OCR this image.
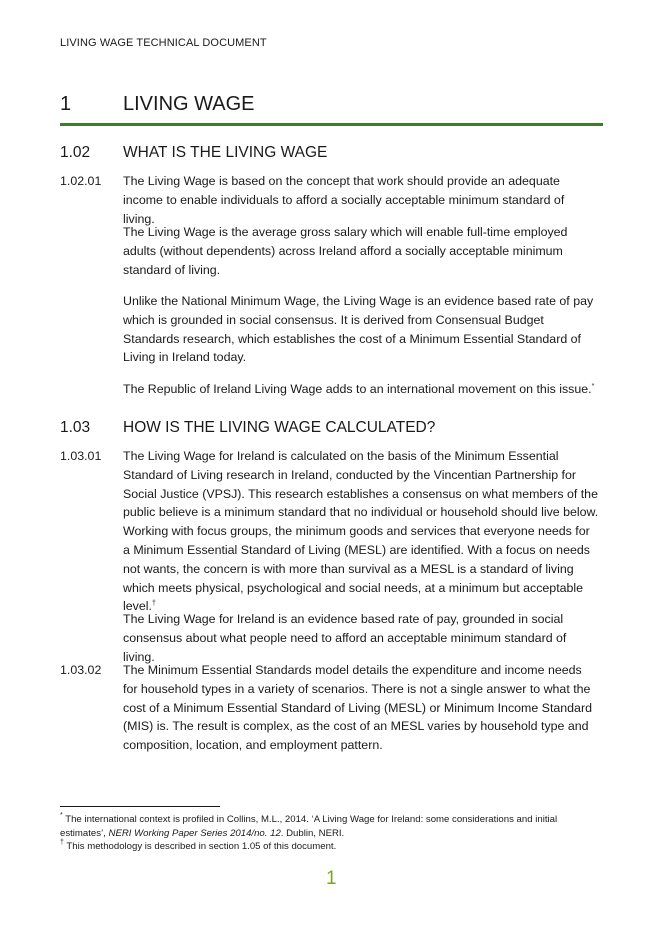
LIVING WAGE TECHNICAL DOCUMENT
1	LIVING WAGE
1.02 WHAT IS THE LIVING WAGE
1.02.01 The Living Wage is based on the concept that work should provide an adequate income to enable individuals to afford a socially acceptable minimum standard of living.
The Living Wage is the average gross salary which will enable full-time employed adults (without dependents) across Ireland afford a socially acceptable minimum standard of living.
Unlike the National Minimum Wage, the Living Wage is an evidence based rate of pay which is grounded in social consensus. It is derived from Consensual Budget Standards research, which establishes the cost of a Minimum Essential Standard of Living in Ireland today.
The Republic of Ireland Living Wage adds to an international movement on this issue.*
1.03 HOW IS THE LIVING WAGE CALCULATED?
1.03.01 The Living Wage for Ireland is calculated on the basis of the Minimum Essential Standard of Living research in Ireland, conducted by the Vincentian Partnership for Social Justice (VPSJ). This research establishes a consensus on what members of the public believe is a minimum standard that no individual or household should live below. Working with focus groups, the minimum goods and services that everyone needs for a Minimum Essential Standard of Living (MESL) are identified. With a focus on needs not wants, the concern is with more than survival as a MESL is a standard of living which meets physical, psychological and social needs, at a minimum but acceptable level.†
The Living Wage for Ireland is an evidence based rate of pay, grounded in social consensus about what people need to afford an acceptable minimum standard of living.
1.03.02 The Minimum Essential Standards model details the expenditure and income needs for household types in a variety of scenarios. There is not a single answer to what the cost of a Minimum Essential Standard of Living (MESL) or Minimum Income Standard (MIS) is. The result is complex, as the cost of an MESL varies by household type and composition, location, and employment pattern.
* The international context is profiled in Collins, M.L., 2014. ‘A Living Wage for Ireland: some considerations and initial estimates’, NERI Working Paper Series 2014/no. 12. Dublin, NERI.
† This methodology is described in section 1.05 of this document.
1
